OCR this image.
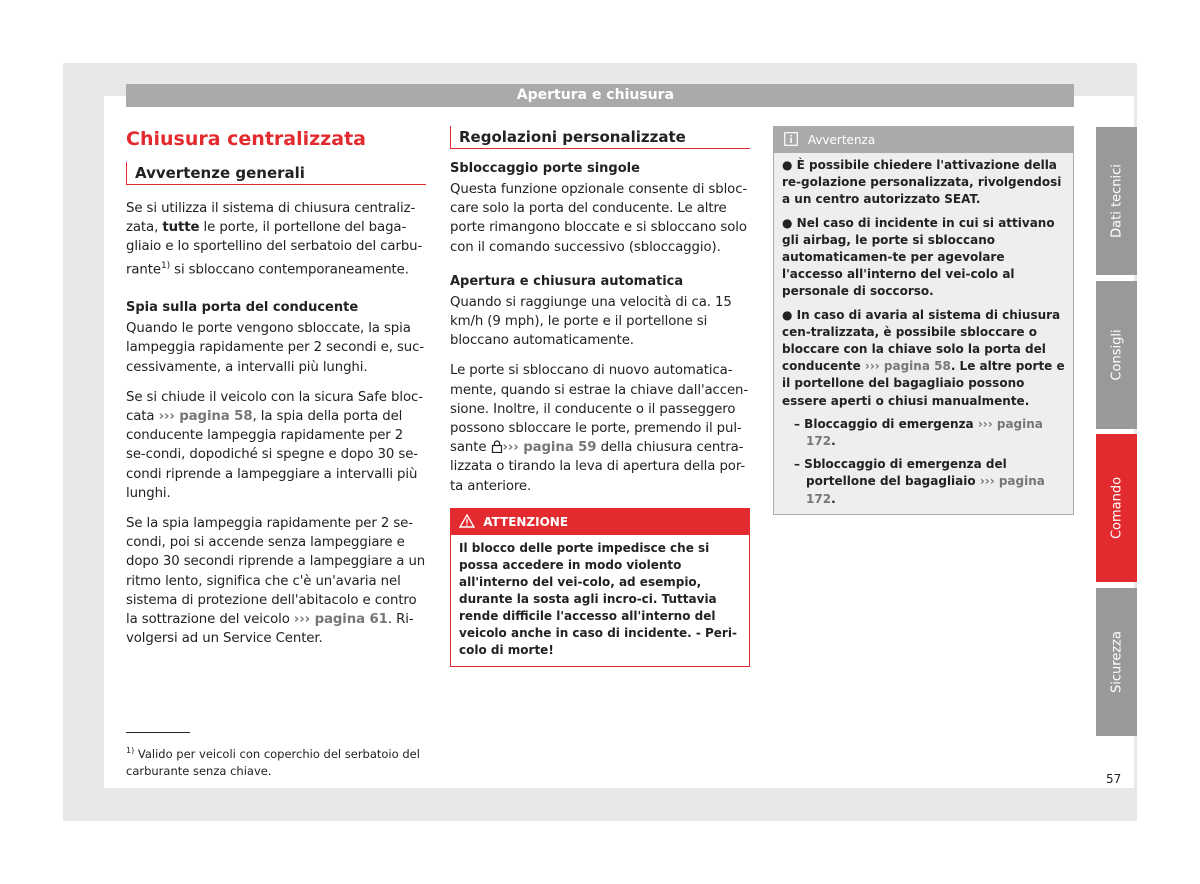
Apertura e chiusura
Chiusura centralizzata
Avvertenze generali

Se si utilizza il sistema di chiusura centraliz-zata, tutte le porte, il portellone del baga-gliaio e lo sportellino del serbatoio del carbu-rante$^{1)}$ si sbloccano contemporaneamente.

Spia sulla porta del conducente

Quando le porte vengono sbloccate, la spia lampeggia rapidamente per 2 secondi e, suc-cessivamente, a intervalli più lunghi.

Se si chiude il veicolo con la sicura Safe bloc-cata ››› pagina 58, la spia della porta del conducente lampeggia rapidamente per 2 se-condi, dopodiché si spegne e dopo 30 se-condi riprende a lampeggiare a intervalli più lunghi.

Se la spia lampeggia rapidamente per 2 se-condi, poi si accende senza lampeggiare e dopo 30 secondi riprende a lampeggiare a un ritmo lento, significa che c'è un'avaria nel sistema di protezione dell'abitacolo e contro la sottrazione del veicolo ››› pagina 61. Ri-volgersi ad un Service Center.

Regolazioni personalizzate
Sbloccaggio porte singole

Questa funzione opzionale consente di sbloc-care solo la porta del conducente. Le altre porte rimangono bloccate e si sbloccano solo con il comando successivo (sbloccaggio).

Apertura e chiusura automatica

Quando si raggiunge una velocità di ca. 15 km/h (9 mph), le porte e il portellone si bloccano automaticamente.

Le porte si sbloccano di nuovo automatica-mente, quando si estrae la chiave dall'accen-sione. Inoltre, il conducente o il passeggero possono sbloccare le porte, premendo il pul-sante ››› pagina 59 della chiusura centra-lizzata o tirando la leva di apertura della por-ta anteriore.

ATTENZIONE
Il blocco delle porte impedisce che si possa accedere in modo violento all'interno del vei-colo, ad esempio, durante la sosta agli incro-ci. Tuttavia rende difficile l'accesso all'interno del veicolo anche in caso di incidente. - Peri-colo di morte!
Avvertenza
● È possibile chiedere l'attivazione della re-golazione personalizzata, rivolgendosi a un centro autorizzato SEAT.
● Nel caso di incidente in cui si attivano gli airbag, le porte si sbloccano automaticamen-te per agevolare l'accesso all'interno del vei-colo al personale di soccorso.
● In caso di avaria al sistema di chiusura cen-tralizzata, è possibile sbloccare o bloccare con la chiave solo la porta del conducente ››› pagina 58. Le altre porte e il portellone del bagagliaio possono essere aperti o chiusi manualmente.
– Bloccaggio di emergenza ››› pagina 172.
– Sbloccaggio di emergenza del portellone del bagagliaio ››› pagina 172.
$^{1)}$ Valido per veicoli con coperchio del serbatoio del carburante senza chiave.
Dati tecnici
Consigli
Comando
Sicurezza
57
